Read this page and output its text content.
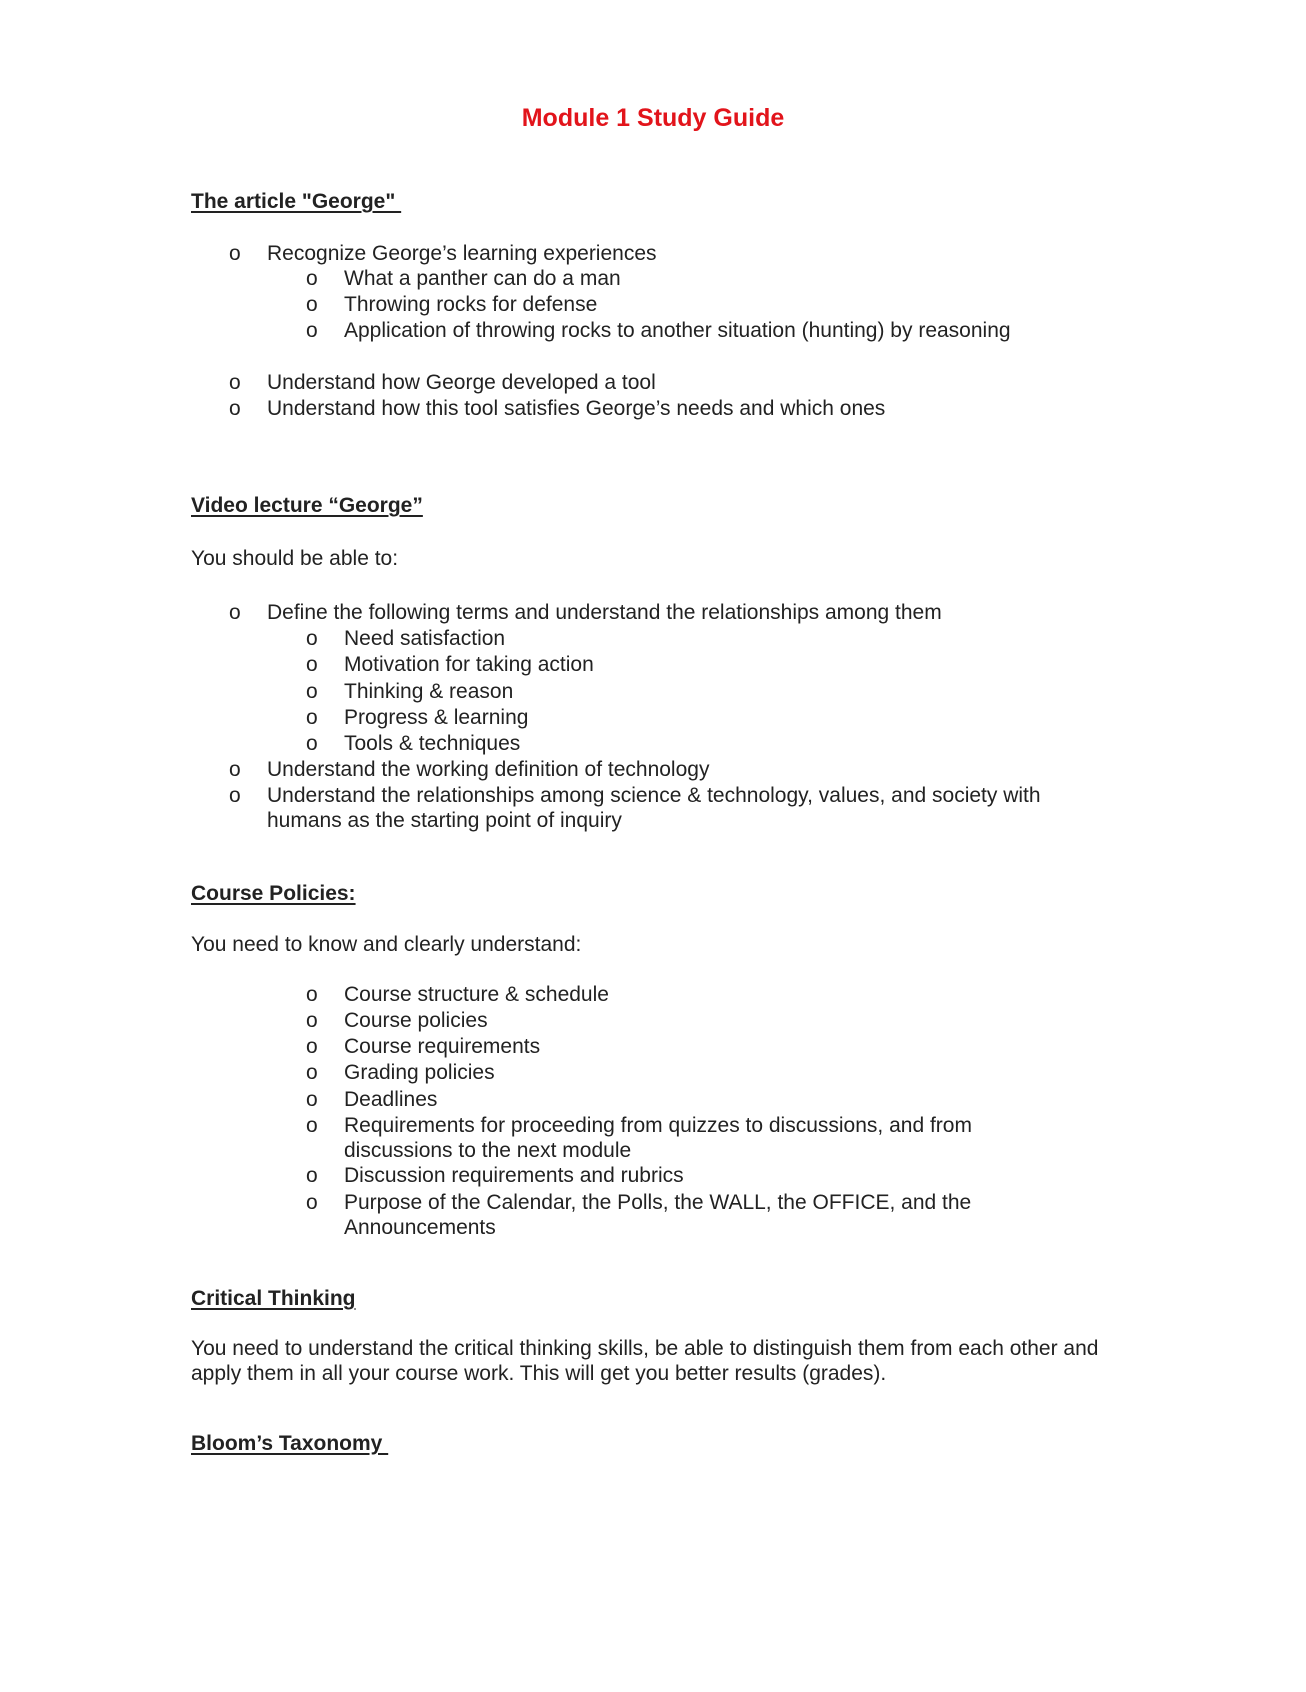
Module 1 Study Guide
The article "George"
o Recognize George’s learning experiences
o What a panther can do a man
o Throwing rocks for defense
o Application of throwing rocks to another situation (hunting) by reasoning
o Understand how George developed a tool
o Understand how this tool satisfies George’s needs and which ones
Video lecture “George”

You should be able to:

o Define the following terms and understand the relationships among them
o Need satisfaction
o Motivation for taking action
o Thinking & reason
o Progress & learning
o Tools & techniques
o Understand the working definition of technology
o Understand the relationships among science & technology, values, and society with humans as the starting point of inquiry
Course Policies:

You need to know and clearly understand:

o Course structure & schedule
o Course policies
o Course requirements
o Grading policies
o Deadlines
o Requirements for proceeding from quizzes to discussions, and from discussions to the next module
o Discussion requirements and rubrics
o Purpose of the Calendar, the Polls, the WALL, the OFFICE, and the Announcements
Critical Thinking

You need to understand the critical thinking skills, be able to distinguish them from each other and apply them in all your course work. This will get you better results (grades).

Bloom’s Taxonomy
